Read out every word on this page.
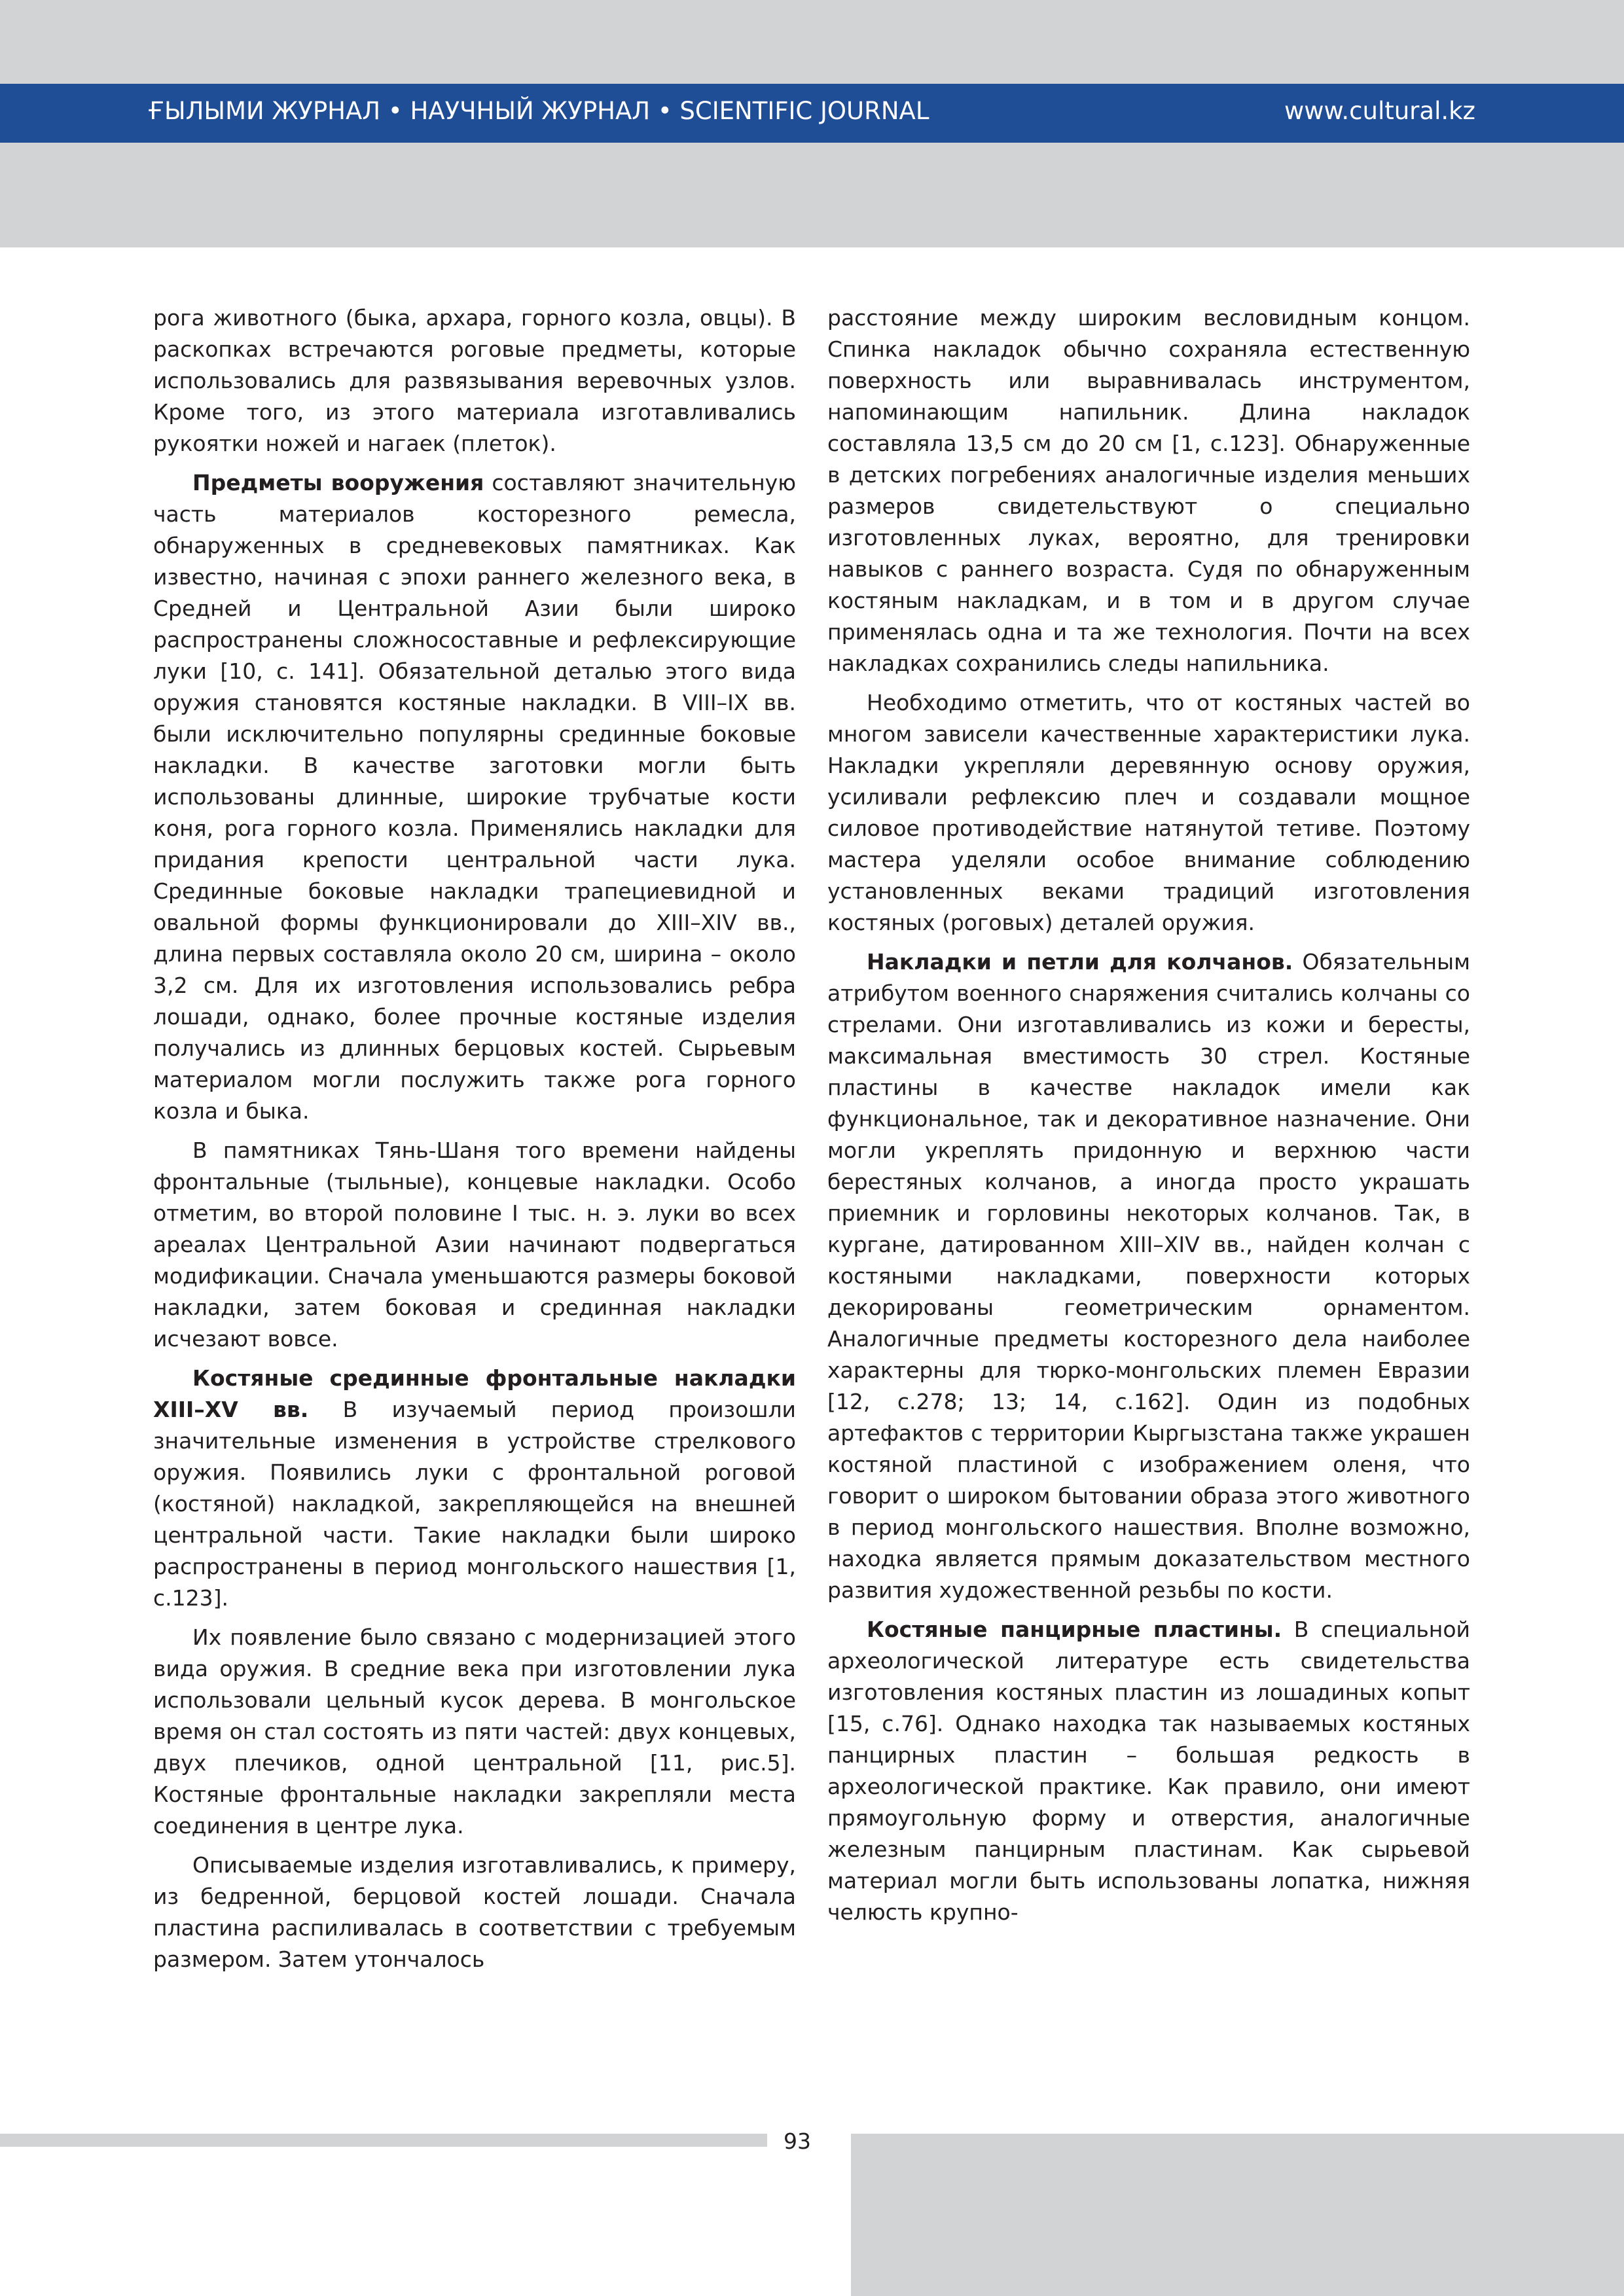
ҒЫЛЫМИ ЖУРНАЛ • НАУЧНЫЙ ЖУРНАЛ • SCIENTIFIC JOURNAL	www.cultural.kz

рога животного (быка, архара, горного козла, овцы). В раскопках встречаются роговые предметы, которые использовались для развязывания веревочных узлов. Кроме того, из этого материала изготавливались рукоятки ножей и нагаек (плеток).

Предметы вооружения составляют значительную часть материалов косторезного ремесла, обнаруженных в средневековых памятниках. Как известно, начиная с эпохи раннего железного века, в Средней и Центральной Азии были широко распространены сложносоставные и рефлексирующие луки [10, с. 141]. Обязательной деталью этого вида оружия становятся костяные накладки. В VIII–IX вв. были исключительно популярны срединные боковые накладки. В качестве заготовки могли быть использованы длинные, широкие трубчатые кости коня, рога горного козла. Применялись накладки для придания крепости центральной части лука. Срединные боковые накладки трапециевидной и овальной формы функционировали до XIII–XIV вв., длина первых составляла около 20 см, ширина – около 3,2 см. Для их изготовления использовались ребра лошади, однако, более прочные костяные изделия получались из длинных берцовых костей. Сырьевым материалом могли послужить также рога горного козла и быка.

В памятниках Тянь-Шаня того времени найдены фронтальные (тыльные), концевые накладки. Особо отметим, во второй половине I тыс. н. э. луки во всех ареалах Центральной Азии начинают подвергаться модификации. Сначала уменьшаются размеры боковой накладки, затем боковая и срединная накладки исчезают вовсе.

Костяные срединные фронтальные накладки XIII–XV вв. В изучаемый период произошли значительные изменения в устройстве стрелкового оружия. Появились луки с фронтальной роговой (костяной) накладкой, закрепляющейся на внешней центральной части. Такие накладки были широко распространены в период монгольского нашествия [1, с.123].

Их появление было связано с модернизацией этого вида оружия. В средние века при изготовлении лука использовали цельный кусок дерева. В монгольское время он стал состоять из пяти частей: двух концевых, двух плечиков, одной центральной [11, рис.5]. Костяные фронтальные накладки закрепляли места соединения в центре лука.

Описываемые изделия изготавливались, к примеру, из бедренной, берцовой костей лошади. Сначала пластина распиливалась в соответствии с требуемым размером. Затем утончалось

расстояние между широким весловидным концом. Спинка накладок обычно сохраняла естественную поверхность или выравнивалась инструментом, напоминающим напильник. Длина накладок составляла 13,5 см до 20 см [1, с.123]. Обнаруженные в детских погребениях аналогичные изделия меньших размеров свидетельствуют о специально изготовленных луках, вероятно, для тренировки навыков с раннего возраста. Судя по обнаруженным костяным накладкам, и в том и в другом случае применялась одна и та же технология. Почти на всех накладках сохранились следы напильника.

Необходимо отметить, что от костяных частей во многом зависели качественные характеристики лука. Накладки укрепляли деревянную основу оружия, усиливали рефлексию плеч и создавали мощное силовое противодействие натянутой тетиве. Поэтому мастера уделяли особое внимание соблюдению установленных веками традиций изготовления костяных (роговых) деталей оружия.

Накладки и петли для колчанов. Обязательным атрибутом военного снаряжения считались колчаны со стрелами. Они изготавливались из кожи и бересты, максимальная вместимость 30 стрел. Костяные пластины в качестве накладок имели как функциональное, так и декоративное назначение. Они могли укреплять придонную и верхнюю части берестяных колчанов, а иногда просто украшать приемник и горловины некоторых колчанов. Так, в кургане, датированном XIII–XIV вв., найден колчан с костяными накладками, поверхности которых декорированы геометрическим орнаментом. Аналогичные предметы косторезного дела наиболее характерны для тюрко-монгольских племен Евразии [12, с.278; 13; 14, с.162]. Один из подобных артефактов с территории Кыргызстана также украшен костяной пластиной с изображением оленя, что говорит о широком бытовании образа этого животного в период монгольского нашествия. Вполне возможно, находка является прямым доказательством местного развития художественной резьбы по кости.

Костяные панцирные пластины. В специальной археологической литературе есть свидетельства изготовления костяных пластин из лошадиных копыт [15, с.76]. Однако находка так называемых костяных панцирных пластин – большая редкость в археологической практике. Как правило, они имеют прямоугольную форму и отверстия, аналогичные железным панцирным пластинам. Как сырьевой материал могли быть использованы лопатка, нижняя челюсть крупно-

93
